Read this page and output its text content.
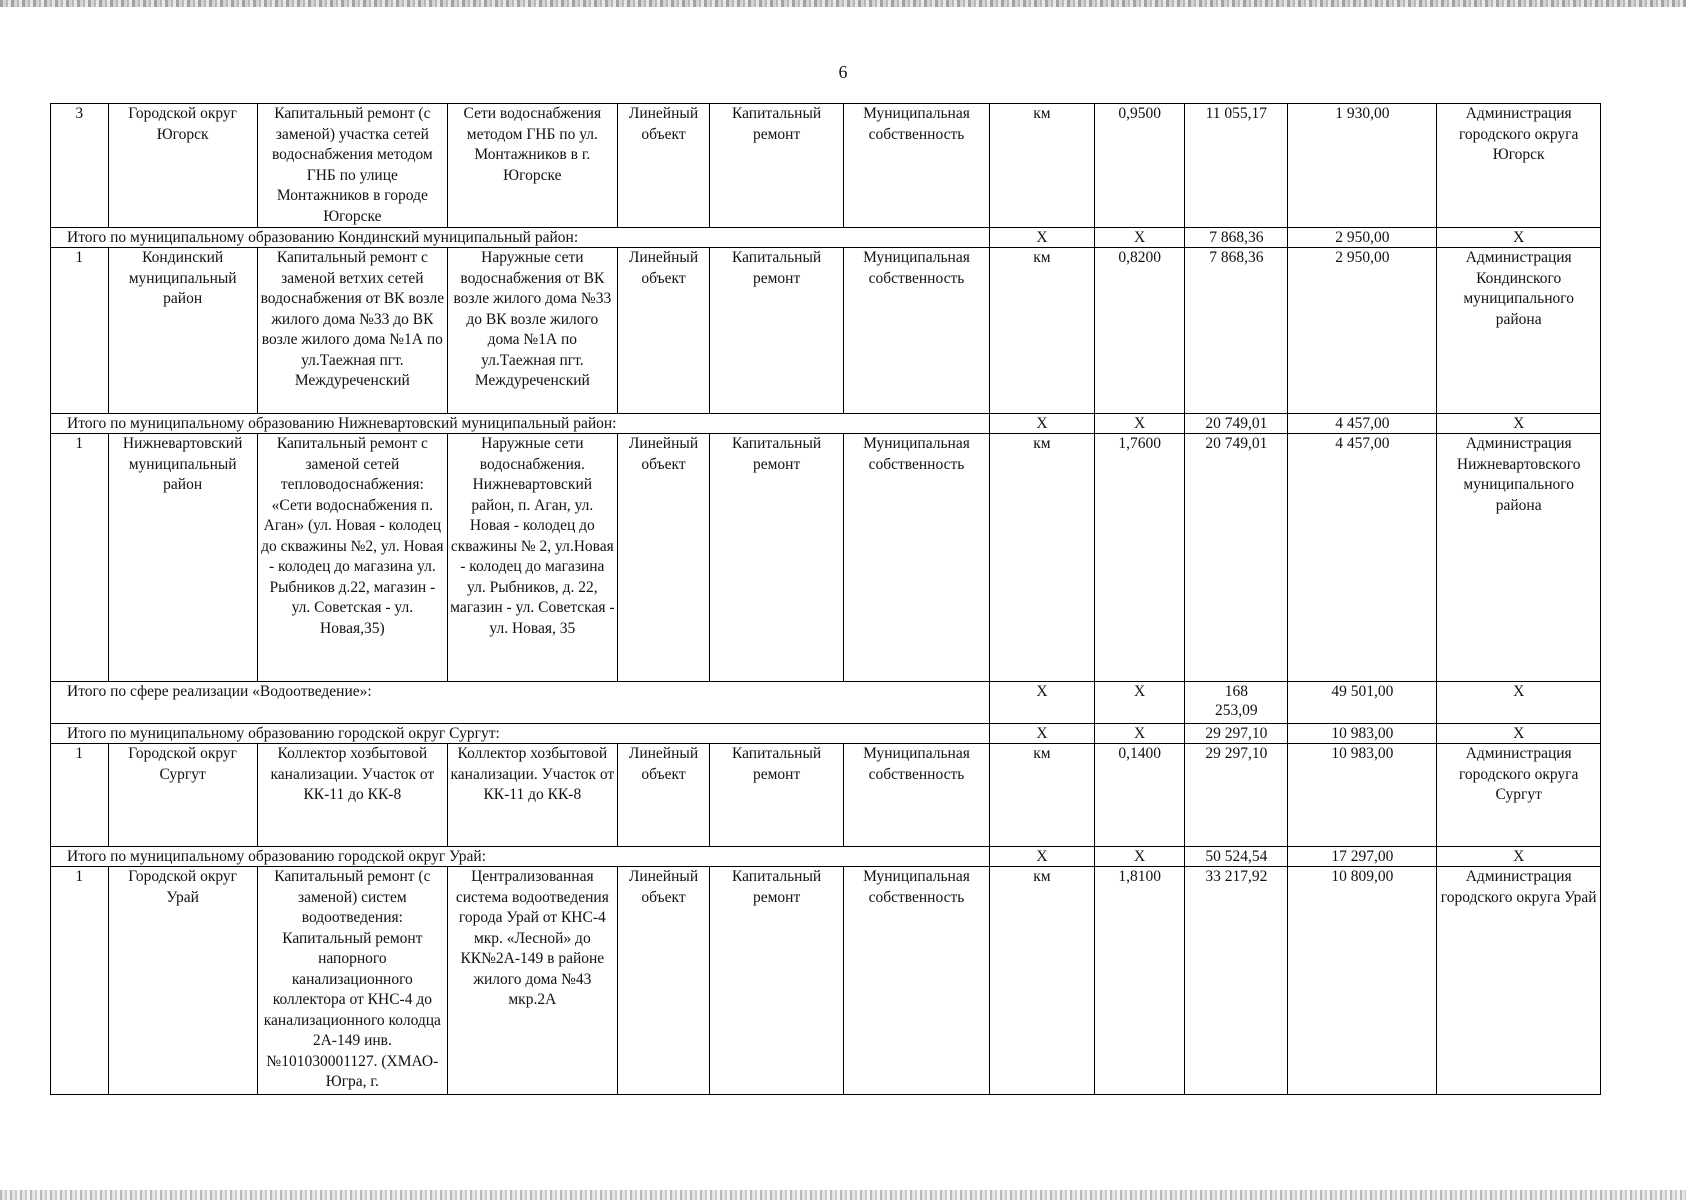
6
3	Городской округ Югорск	Капитальный ремонт (с заменой) участка сетей водоснабжения методом ГНБ по улице Монтажников в городе Югорске	Сети водоснабжения методом ГНБ по ул. Монтажников в г. Югорске	Линейный объект	Капитальный ремонт	Муниципальная собственность	км	0,9500	11 055,17	1 930,00	Администрация городского округа Югорск
Итого по муниципальному образованию Кондинский муниципальный район:							Х	Х	7 868,36	2 950,00	Х
1	Кондинский муниципальный район	Капитальный ремонт с заменой ветхих сетей водоснабжения от ВК возле жилого дома №33 до ВК возле жилого дома №1А по ул.Таежная пгт. Междуреченский	Наружные сети водоснабжения от ВК возле жилого дома №33 до ВК возле жилого дома №1А по ул.Таежная пгт. Междуреченский	Линейный объект	Капитальный ремонт	Муниципальная собственность	км	0,8200	7 868,36	2 950,00	Администрация Кондинского муниципального района
Итого по муниципальному образованию Нижневартовский муниципальный район:							Х	Х	20 749,01	4 457,00	Х
1	Нижневартовский муниципальный район	Капитальный ремонт с заменой сетей тепловодоснабжения: «Сети водоснабжения п. Аган» (ул. Новая - колодец до скважины №2, ул. Новая - колодец до магазина ул. Рыбников д.22, магазин - ул. Советская - ул. Новая,35)	Наружные сети водоснабжения. Нижневартовский район, п. Аган, ул. Новая - колодец до скважины № 2, ул.Новая - колодец до магазина ул. Рыбников, д. 22, магазин - ул. Советская - ул. Новая, 35	Линейный объект	Капитальный ремонт	Муниципальная собственность	км	1,7600	20 749,01	4 457,00	Администрация Нижневартовского муниципального района
Итого по сфере реализации «Водоотведение»:							Х	Х	168 253,09	49 501,00	Х
Итого по муниципальному образованию городской округ Сургут:							Х	Х	29 297,10	10 983,00	Х
1	Городской округ Сургут	Коллектор хозбытовой канализации. Участок от КК-11 до КК-8	Коллектор хозбытовой канализации. Участок от КК-11 до КК-8	Линейный объект	Капитальный ремонт	Муниципальная собственность	км	0,1400	29 297,10	10 983,00	Администрация городского округа Сургут
Итого по муниципальному образованию городской округ Урай:							Х	Х	50 524,54	17 297,00	Х
1	Городской округ Урай	Капитальный ремонт (с заменой) систем водоотведения: Капитальный ремонт напорного канализационного коллектора от КНС-4 до канализационного колодца 2А-149 инв.№101030001127. (ХМАО-Югра, г.	Централизованная система водоотведения города Урай от КНС-4 мкр. «Лесной» до КК№2А-149 в районе жилого дома №43 мкр.2А	Линейный объект	Капитальный ремонт	Муниципальная собственность	км	1,8100	33 217,92	10 809,00	Администрация городского округа Урай
